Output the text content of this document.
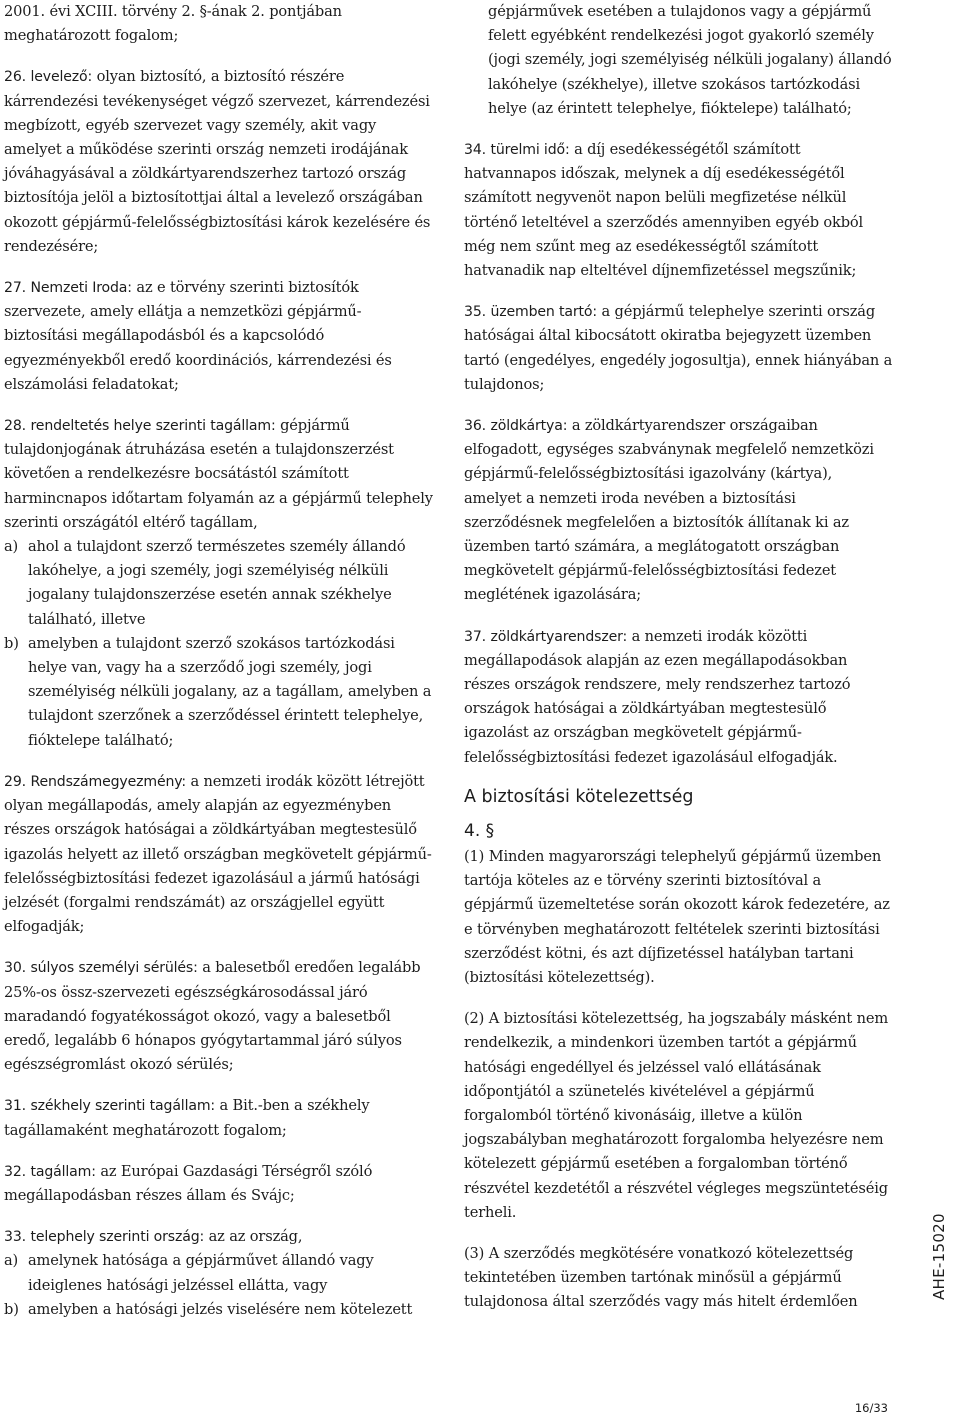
2001. évi XCIII. törvény 2. §-ának 2. pontjában meghatározott fogalom;

26. levelező: olyan biztosító, a biztosító részére kárrendezési tevékenységet végző szervezet, kárrendezési megbízott, egyéb szervezet vagy személy, akit vagy amelyet a működése szerinti ország nemzeti irodájának jóváhagyásával a zöldkártyarendszerhez tartozó ország biztosítója jelöl a biztosítottjai által a levelező országában okozott gépjármű-felelősségbiztosítási károk kezelésére és rendezésére;

27. Nemzeti Iroda: az e törvény szerinti biztosítók szervezete, amely ellátja a nemzetközi gépjármű-biztosítási megállapodásból és a kapcsolódó egyezményekből eredő koordinációs, kárrendezési és elszámolási feladatokat;

28. rendeltetés helye szerinti tagállam: gépjármű tulajdonjogának átruházása esetén a tulajdonszerzést követően a rendelkezésre bocsátástól számított harmincnapos időtartam folyamán az a gépjármű telephely szerinti országától eltérő tagállam,

a) ahol a tulajdont szerző természetes személy állandó lakóhelye, a jogi személy, jogi személyiség nélküli jogalany tulajdonszerzése esetén annak székhelye található, illetve
b) amelyben a tulajdont szerző szokásos tartózkodási helye van, vagy ha a szerződő jogi személy, jogi személyiség nélküli jogalany, az a tagállam, amelyben a tulajdont szerzőnek a szerződéssel érintett telephelye, fióktelepe található;

29. Rendszámegyezmény: a nemzeti irodák között létrejött olyan megállapodás, amely alapján az egyezményben részes országok hatóságai a zöldkártyában megtestesülő igazolás helyett az illető országban megkövetelt gépjármű-felelősségbiztosítási fedezet igazolásául a jármű hatósági jelzését (forgalmi rendszámát) az országjellel együtt elfogadják;

30. súlyos személyi sérülés: a balesetből eredően legalább 25%-os össz-szervezeti egészségkárosodással járó maradandó fogyatékosságot okozó, vagy a balesetből eredő, legalább 6 hónapos gyógytartammal járó súlyos egészségromlást okozó sérülés;

31. székhely szerinti tagállam: a Bit.-ben a székhely tagállamaként meghatározott fogalom;

32. tagállam: az Európai Gazdasági Térségről szóló megállapodásban részes állam és Svájc;

33. telephely szerinti ország: az az ország,

a) amelynek hatósága a gépjárművet állandó vagy ideiglenes hatósági jelzéssel ellátta, vagy
b) amelyben a hatósági jelzés viselésére nem kötelezett

gépjárművek esetében a tulajdonos vagy a gépjármű felett egyébként rendelkezési jogot gyakorló személy (jogi személy, jogi személyiség nélküli jogalany) állandó lakóhelye (székhelye), illetve szokásos tartózkodási helye (az érintett telephelye, fióktelepe) található;

34. türelmi idő: a díj esedékességétől számított hatvannapos időszak, melynek a díj esedékességétől számított negyvenöt napon belüli megfizetése nélkül történő leteltével a szerződés amennyiben egyéb okból még nem szűnt meg az esedékességtől számított hatvanadik nap elteltével díjnemfizetéssel megszűnik;

35. üzemben tartó: a gépjármű telephelye szerinti ország hatóságai által kibocsátott okiratba bejegyzett üzemben tartó (engedélyes, engedély jogosultja), ennek hiányában a tulajdonos;

36. zöldkártya: a zöldkártyarendszer országaiban elfogadott, egységes szabványnak megfelelő nemzetközi gépjármű-felelősségbiztosítási igazolvány (kártya), amelyet a nemzeti iroda nevében a biztosítási szerződésnek megfelelően a biztosítók állítanak ki az üzemben tartó számára, a meglátogatott országban megkövetelt gépjármű-felelősségbiztosítási fedezet meglétének igazolására;

37. zöldkártyarendszer: a nemzeti irodák közötti megállapodások alapján az ezen megállapodásokban részes országok rendszere, mely rendszerhez tartozó országok hatóságai a zöldkártyában megtestesülő igazolást az országban megkövetelt gépjármű-felelősségbiztosítási fedezet igazolásául elfogadják.

A biztosítási kötelezettség
4. §

(1) Minden magyarországi telephelyű gépjármű üzemben tartója köteles az e törvény szerinti biztosítóval a gépjármű üzemeltetése során okozott károk fedezetére, az e törvényben meghatározott feltételek szerinti biztosítási szerződést kötni, és azt díjfizetéssel hatályban tartani (biztosítási kötelezettség).

(2) A biztosítási kötelezettség, ha jogszabály másként nem rendelkezik, a mindenkori üzemben tartót a gépjármű hatósági engedéllyel és jelzéssel való ellátásának időpontjától a szünetelés kivételével a gépjármű forgalomból történő kivonásáig, illetve a külön jogszabályban meghatározott forgalomba helyezésre nem kötelezett gépjármű esetében a forgalomban történő részvétel kezdetétől a részvétel végleges megszüntetéséig terheli.

(3) A szerződés megkötésére vonatkozó kötelezettség tekintetében üzemben tartónak minősül a gépjármű tulajdonosa által szerződés vagy más hitelt érdemlően

16/33
AHE-15020
